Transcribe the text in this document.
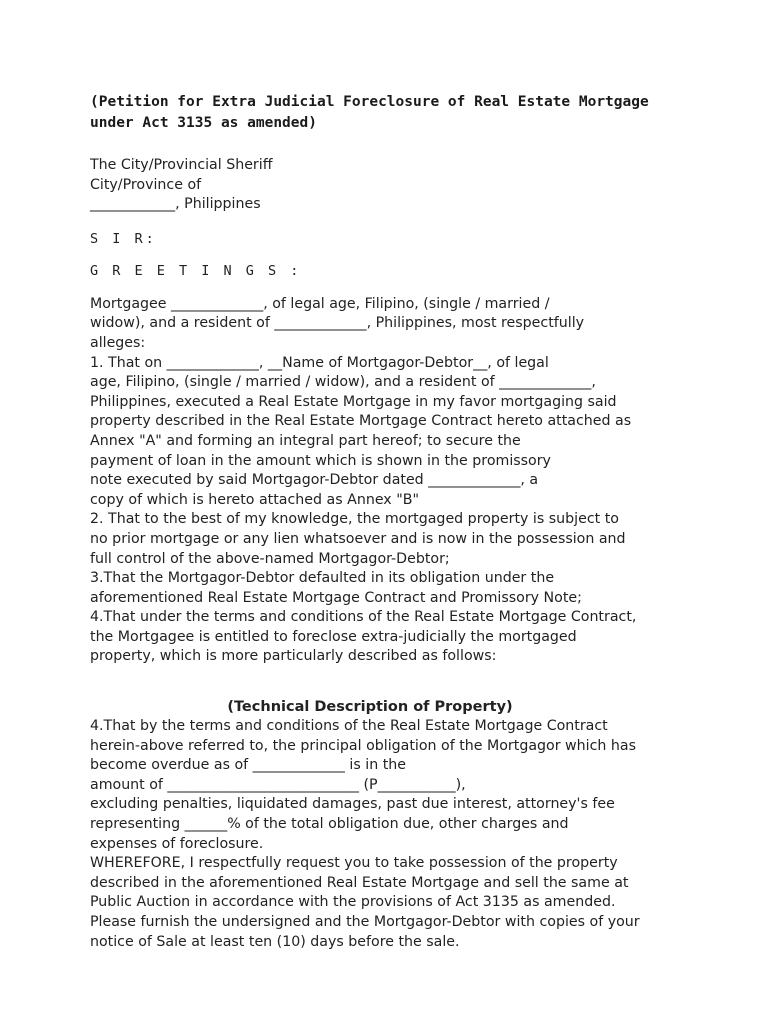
(Petition for Extra Judicial Foreclosure of Real Estate Mortgage under Act 3135 as amended)

The City/Provincial Sheriff
City/Province of
____________, Philippines

S I R:

G R E E T I N G S :

Mortgagee _____________, of legal age, Filipino, (single / married /
widow), and a resident of _____________, Philippines, most respectfully
alleges:
1. That on _____________, __Name of Mortgagor-Debtor__, of legal
age, Filipino, (single / married / widow), and a resident of _____________,
Philippines, executed a Real Estate Mortgage in my favor mortgaging said
property described in the Real Estate Mortgage Contract hereto attached as
Annex "A" and forming an integral part hereof; to secure the
payment of loan in the amount which is shown in the promissory
note executed by said Mortgagor-Debtor dated _____________, a
copy of which is hereto attached as Annex "B"
2. That to the best of my knowledge, the mortgaged property is subject to
no prior mortgage or any lien whatsoever and is now in the possession and
full control of the above-named Mortgagor-Debtor;
3.That the Mortgagor-Debtor defaulted in its obligation under the
aforementioned Real Estate Mortgage Contract and Promissory Note;
4.That under the terms and conditions of the Real Estate Mortgage Contract,
the Mortgagee is entitled to foreclose extra-judicially the mortgaged
property, which is more particularly described as follows:

(Technical Description of Property)

4.That by the terms and conditions of the Real Estate Mortgage Contract
herein-above referred to, the principal obligation of the Mortgagor which has
become overdue as of _____________ is in the
amount of ___________________________ (P___________),
excluding penalties, liquidated damages, past due interest, attorney's fee
representing ______% of the total obligation due, other charges and
expenses of foreclosure.
WHEREFORE, I respectfully request you to take possession of the property
described in the aforementioned Real Estate Mortgage and sell the same at
Public Auction in accordance with the provisions of Act 3135 as amended.
Please furnish the undersigned and the Mortgagor-Debtor with copies of your
notice of Sale at least ten (10) days before the sale.
